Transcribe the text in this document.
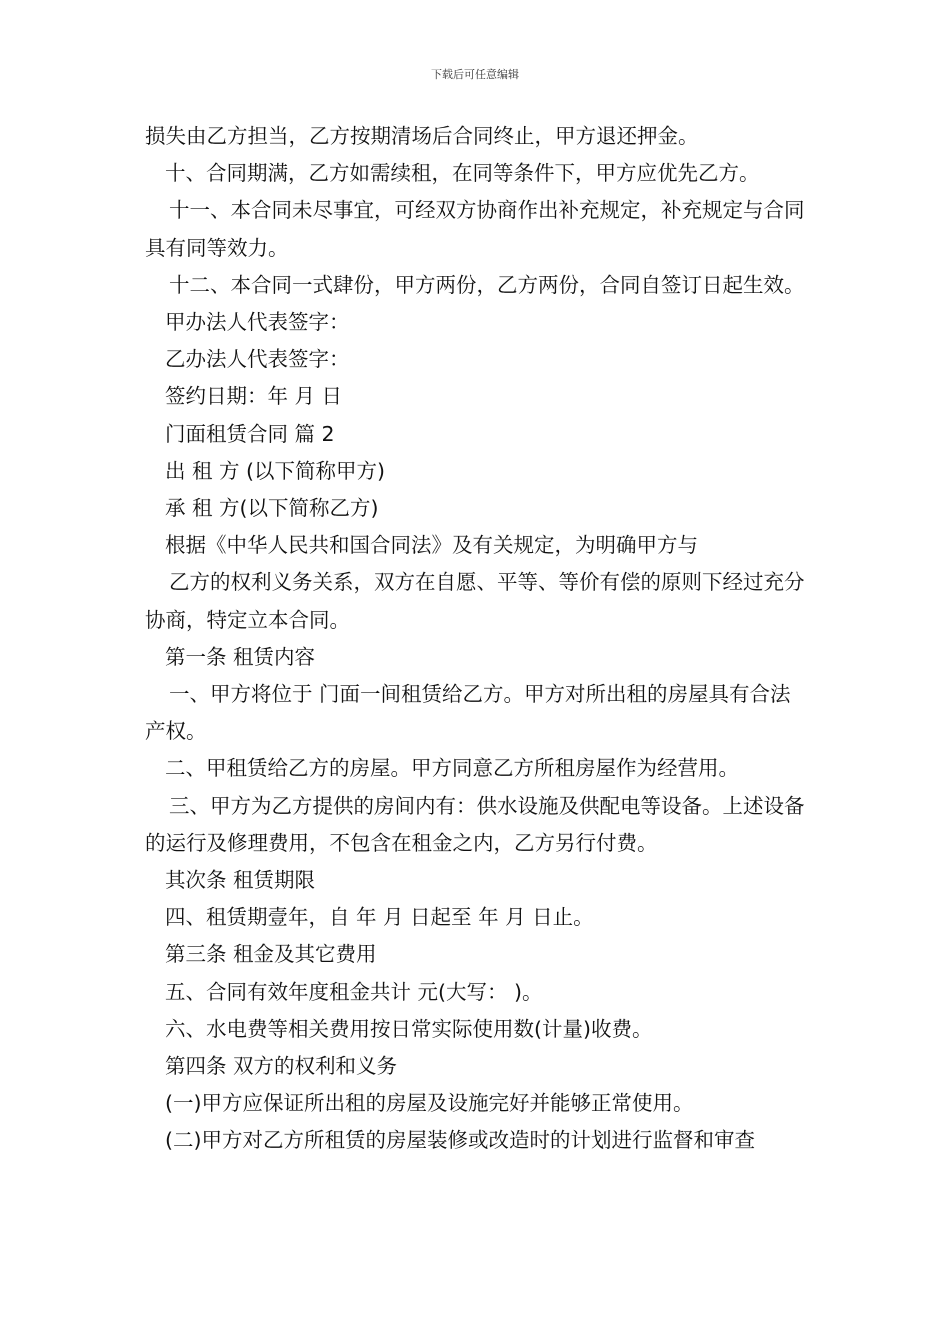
下载后可任意编辑

损失由乙方担当，乙方按期清场后合同终止，甲方退还押金。

十、合同期满，乙方如需续租，在同等条件下，甲方应优先乙方。

十一、本合同未尽事宜，可经双方协商作出补充规定，补充规定与合同具有同等效力。

十二、本合同一式肆份，甲方两份，乙方两份，合同自签订日起生效。

甲办法人代表签字：

乙办法人代表签字：

签约日期：年 月 日

门面租赁合同 篇 2

出 租 方 (以下简称甲方)

承 租 方(以下简称乙方)

根据《中华人民共和国合同法》及有关规定，为明确甲方与

乙方的权利义务关系，双方在自愿、平等、等价有偿的原则下经过充分协商，特定立本合同。

第一条 租赁内容

一、甲方将位于 门面一间租赁给乙方。甲方对所出租的房屋具有合法产权。

二、甲租赁给乙方的房屋。甲方同意乙方所租房屋作为经营用。

三、甲方为乙方提供的房间内有：供水设施及供配电等设备。上述设备的运行及修理费用，不包含在租金之内，乙方另行付费。

其次条 租赁期限

四、租赁期壹年，自 年 月 日起至 年 月 日止。

第三条 租金及其它费用

五、合同有效年度租金共计 元(大写： )。

六、水电费等相关费用按日常实际使用数(计量)收费。

第四条 双方的权利和义务

(一)甲方应保证所出租的房屋及设施完好并能够正常使用。

(二)甲方对乙方所租赁的房屋装修或改造时的计划进行监督和审查
